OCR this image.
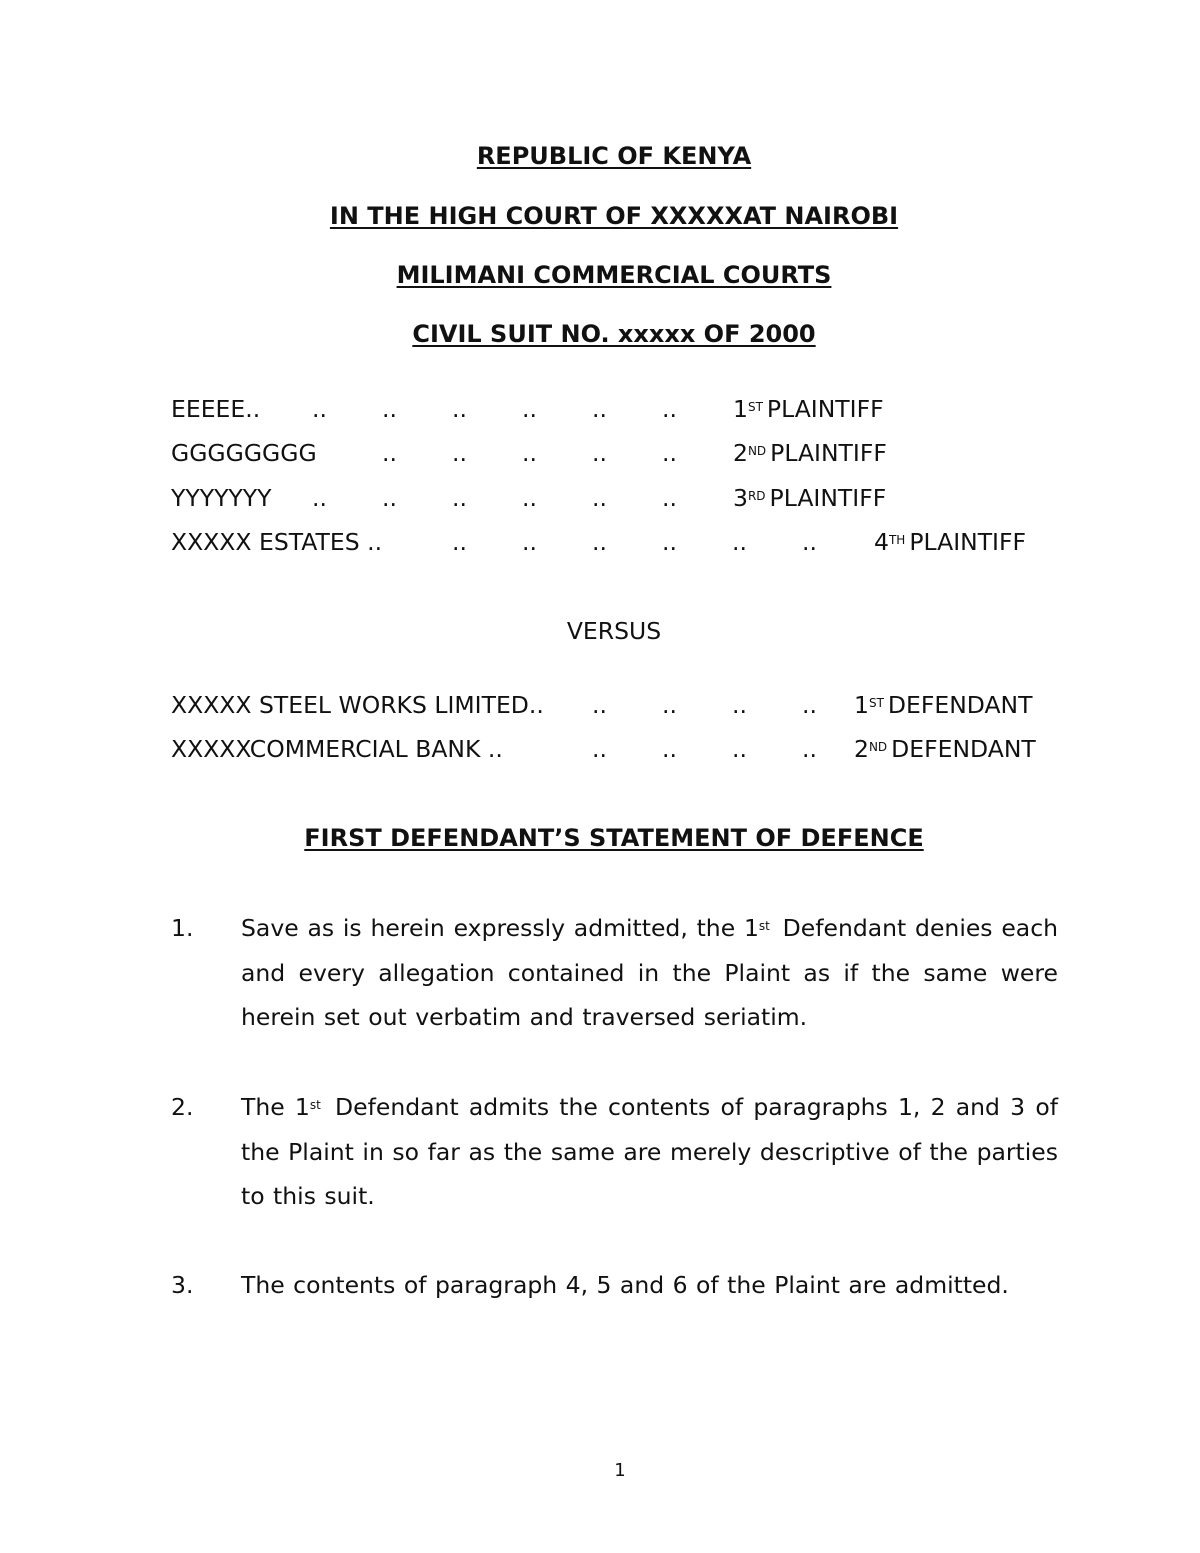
REPUBLIC OF KENYA
IN THE HIGH COURT OF XXXXXAT NAIROBI
MILIMANI COMMERCIAL COURTS
CIVIL SUIT NO. xxxxx OF 2000
EEEEE.. .. .. .. .. .. .. 1ST PLAINTIFF
GGGGGGGG	.. .. .. .. .. 2ND PLAINTIFF
YYYYYYY .. .. .. .. .. .. 3RD PLAINTIFF
XXXXX ESTATES ..	.. .. .. .. .. .. 4TH PLAINTIFF
VERSUS
XXXXX STEEL WORKS LIMITED.. .. .. .. .. 1ST DEFENDANT
XXXXXCOMMERCIAL BANK ..	.. .. .. .. 2ND DEFENDANT
FIRST DEFENDANT’S STATEMENT OF DEFENCE
1. Save as is herein expressly admitted, the 1st Defendant denies each and every allegation contained in the Plaint as if the same were herein set out verbatim and traversed seriatim.
2. The 1st Defendant admits the contents of paragraphs 1, 2 and 3 of the Plaint in so far as the same are merely descriptive of the parties to this suit.
3. The contents of paragraph 4, 5 and 6 of the Plaint are admitted.
1
